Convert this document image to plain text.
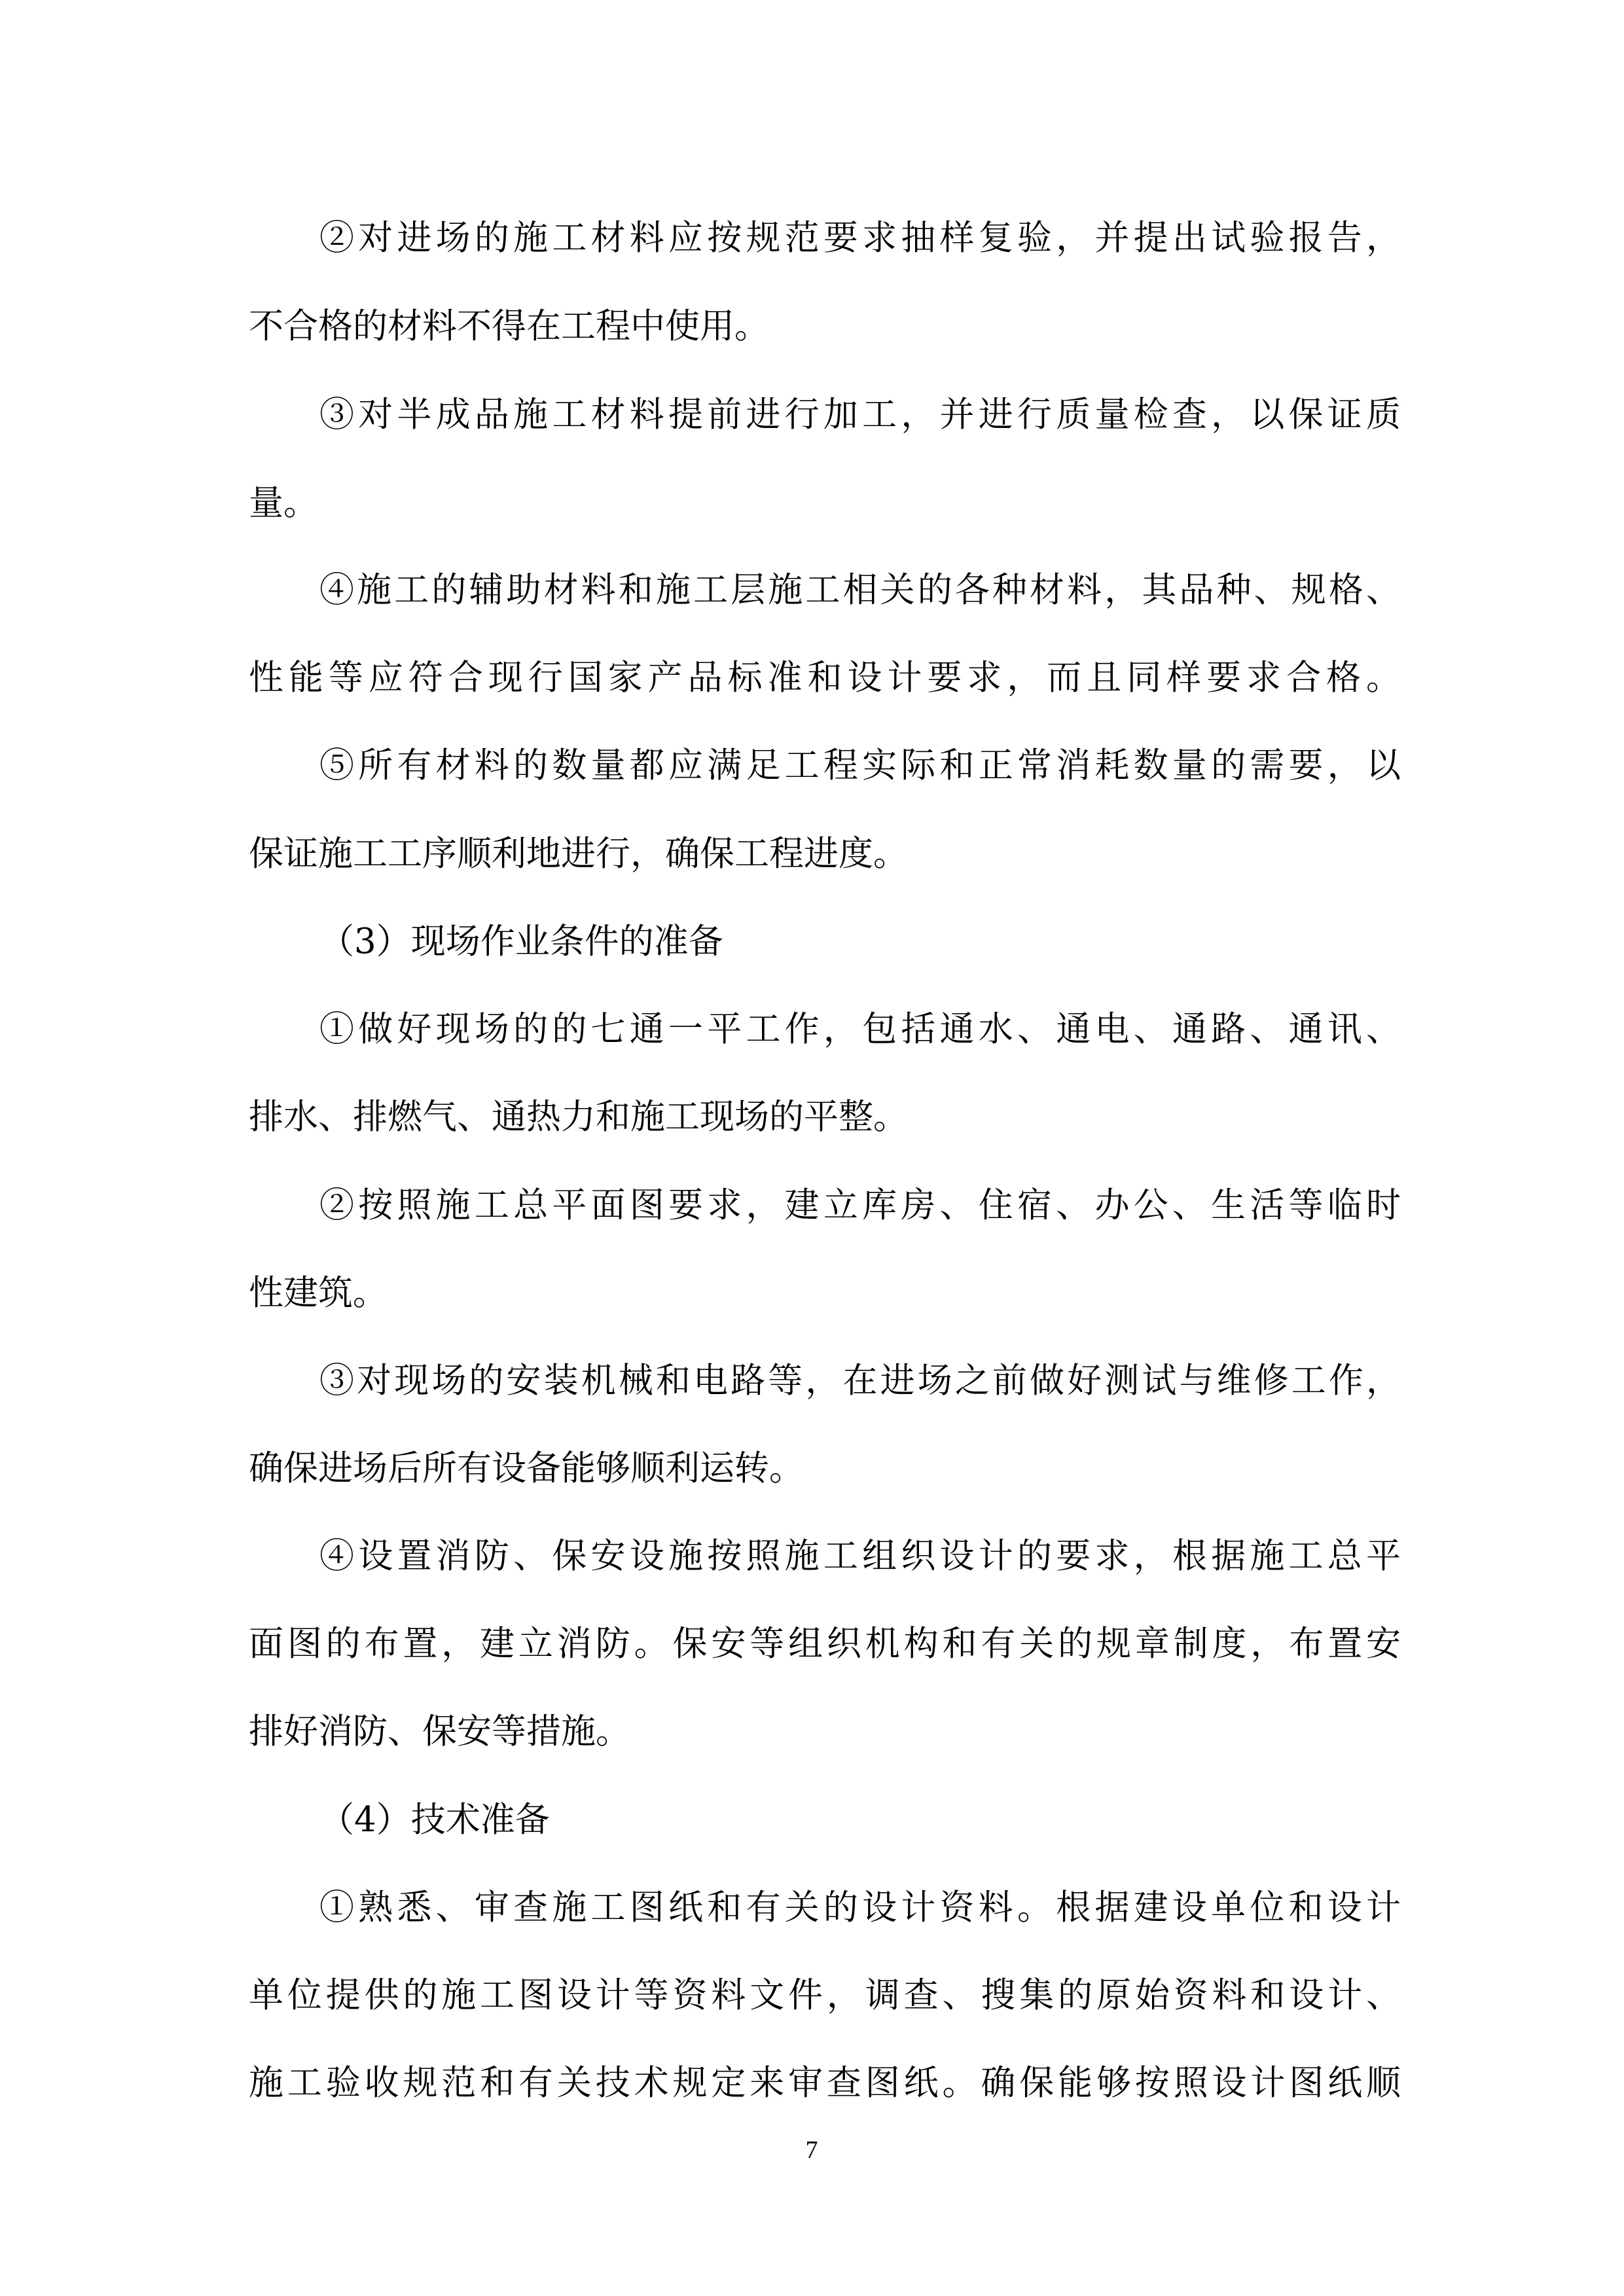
②对进场的施工材料应按规范要求抽样复验，并提出试验报告，
不合格的材料不得在工程中使用。
③对半成品施工材料提前进行加工，并进行质量检查，以保证质
量。
④施工的辅助材料和施工层施工相关的各种材料，其品种、规格、
性能等应符合现行国家产品标准和设计要求，而且同样要求合格。
⑤所有材料的数量都应满足工程实际和正常消耗数量的需要，以
保证施工工序顺利地进行，确保工程进度。
（3）现场作业条件的准备
①做好现场的的七通一平工作，包括通水、通电、通路、通讯、
排水、排燃气、通热力和施工现场的平整。
②按照施工总平面图要求，建立库房、住宿、办公、生活等临时
性建筑。
③对现场的安装机械和电路等，在进场之前做好测试与维修工作，
确保进场后所有设备能够顺利运转。
④设置消防、保安设施按照施工组织设计的要求，根据施工总平
面图的布置，建立消防。保安等组织机构和有关的规章制度，布置安
排好消防、保安等措施。
（4）技术准备
①熟悉、审查施工图纸和有关的设计资料。根据建设单位和设计
单位提供的施工图设计等资料文件，调查、搜集的原始资料和设计、
施工验收规范和有关技术规定来审查图纸。确保能够按照设计图纸顺
7
